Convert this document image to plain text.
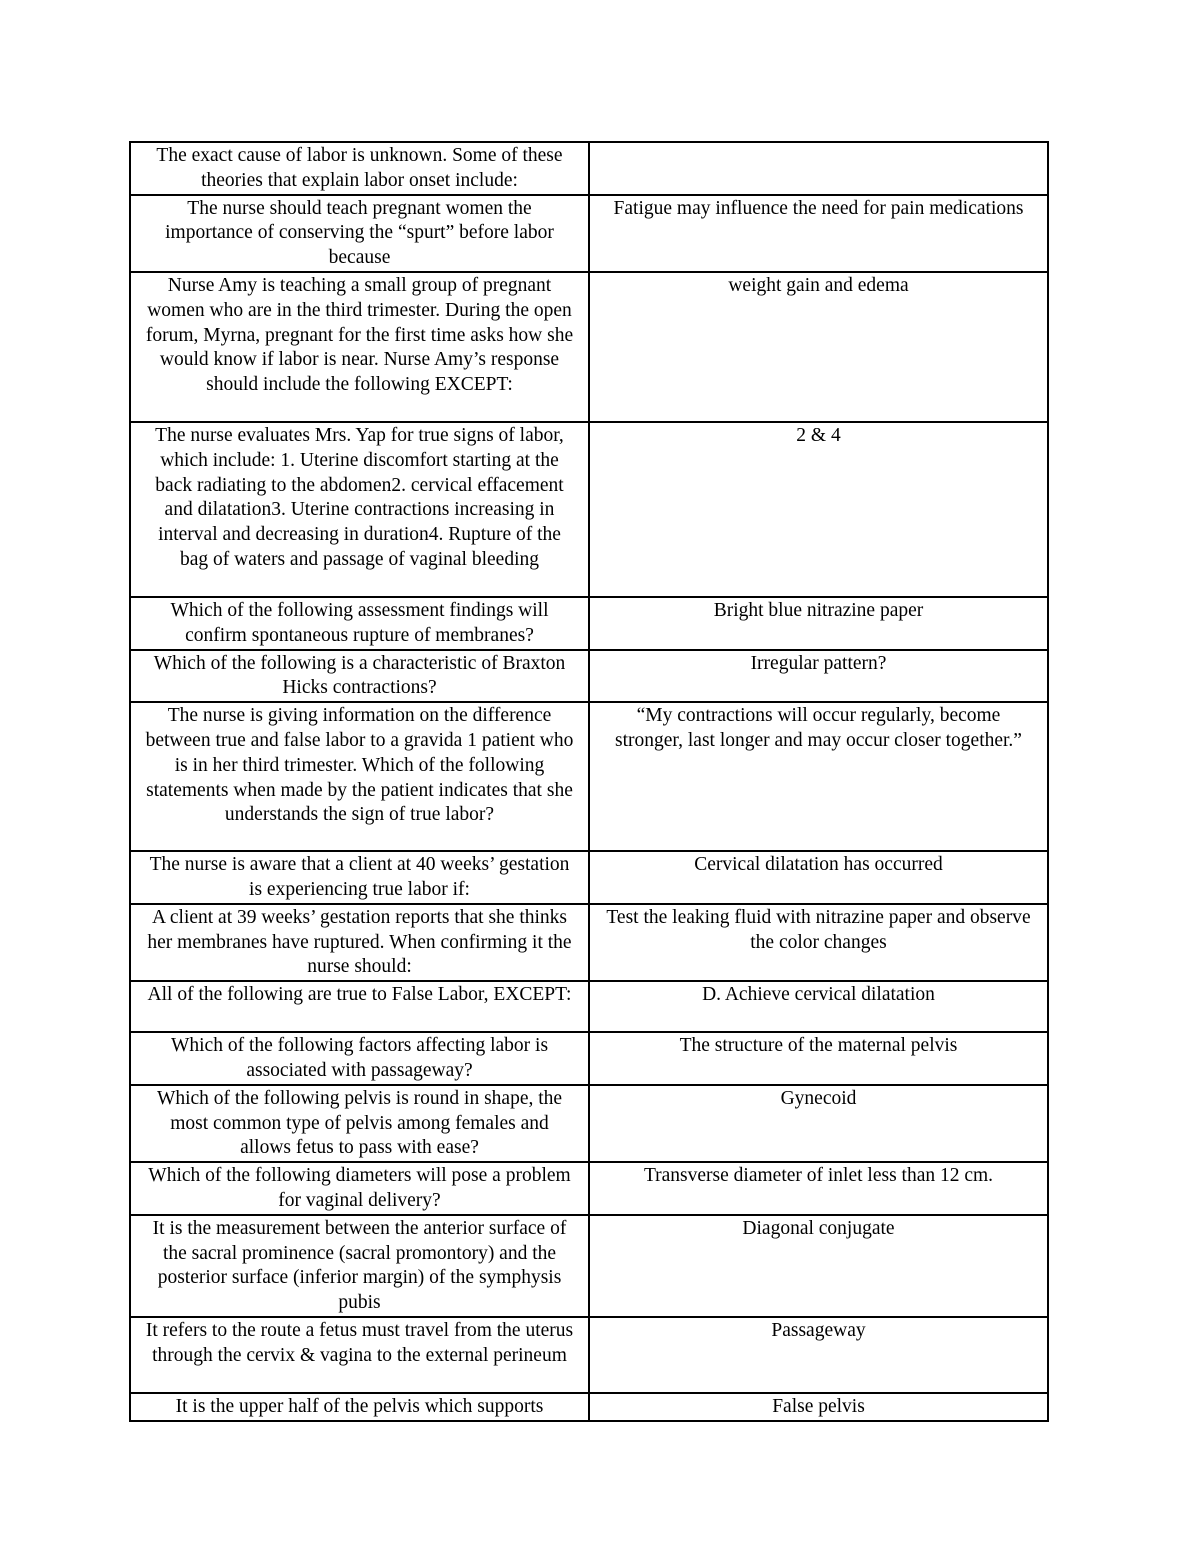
The exact cause of labor is unknown. Some of these theories that explain labor onset include:	
The nurse should teach pregnant women the importance of conserving the “spurt” before labor because	Fatigue may influence the need for pain medications
Nurse Amy is teaching a small group of pregnant women who are in the third trimester. During the open forum, Myrna, pregnant for the first time asks how she would know if labor is near. Nurse Amy’s response should include the following EXCEPT:	weight gain and edema
The nurse evaluates Mrs. Yap for true signs of labor, which include: 1. Uterine discomfort starting at the back radiating to the abdomen2. cervical effacement and dilatation3. Uterine contractions increasing in interval and decreasing in duration4. Rupture of the bag of waters and passage of vaginal bleeding	2 & 4
Which of the following assessment findings will confirm spontaneous rupture of membranes?	Bright blue nitrazine paper
Which of the following is a characteristic of Braxton Hicks contractions?	Irregular pattern?
The nurse is giving information on the difference between true and false labor to a gravida 1 patient who is in her third trimester. Which of the following statements when made by the patient indicates that she understands the sign of true labor?	“My contractions will occur regularly, become stronger, last longer and may occur closer together.”
The nurse is aware that a client at 40 weeks’ gestation is experiencing true labor if:	Cervical dilatation has occurred
A client at 39 weeks’ gestation reports that she thinks her membranes have ruptured. When confirming it the nurse should:	Test the leaking fluid with nitrazine paper and observe the color changes
All of the following are true to False Labor, EXCEPT:	D. Achieve cervical dilatation
Which of the following factors affecting labor is associated with passageway?	The structure of the maternal pelvis
Which of the following pelvis is round in shape, the most common type of pelvis among females and allows fetus to pass with ease?	Gynecoid
Which of the following diameters will pose a problem for vaginal delivery?	Transverse diameter of inlet less than 12 cm.
It is the measurement between the anterior surface of the sacral prominence (sacral promontory) and the posterior surface (inferior margin) of the symphysis pubis	Diagonal conjugate
It refers to the route a fetus must travel from the uterus through the cervix & vagina to the external perineum	Passageway
It is the upper half of the pelvis which supports	False pelvis
